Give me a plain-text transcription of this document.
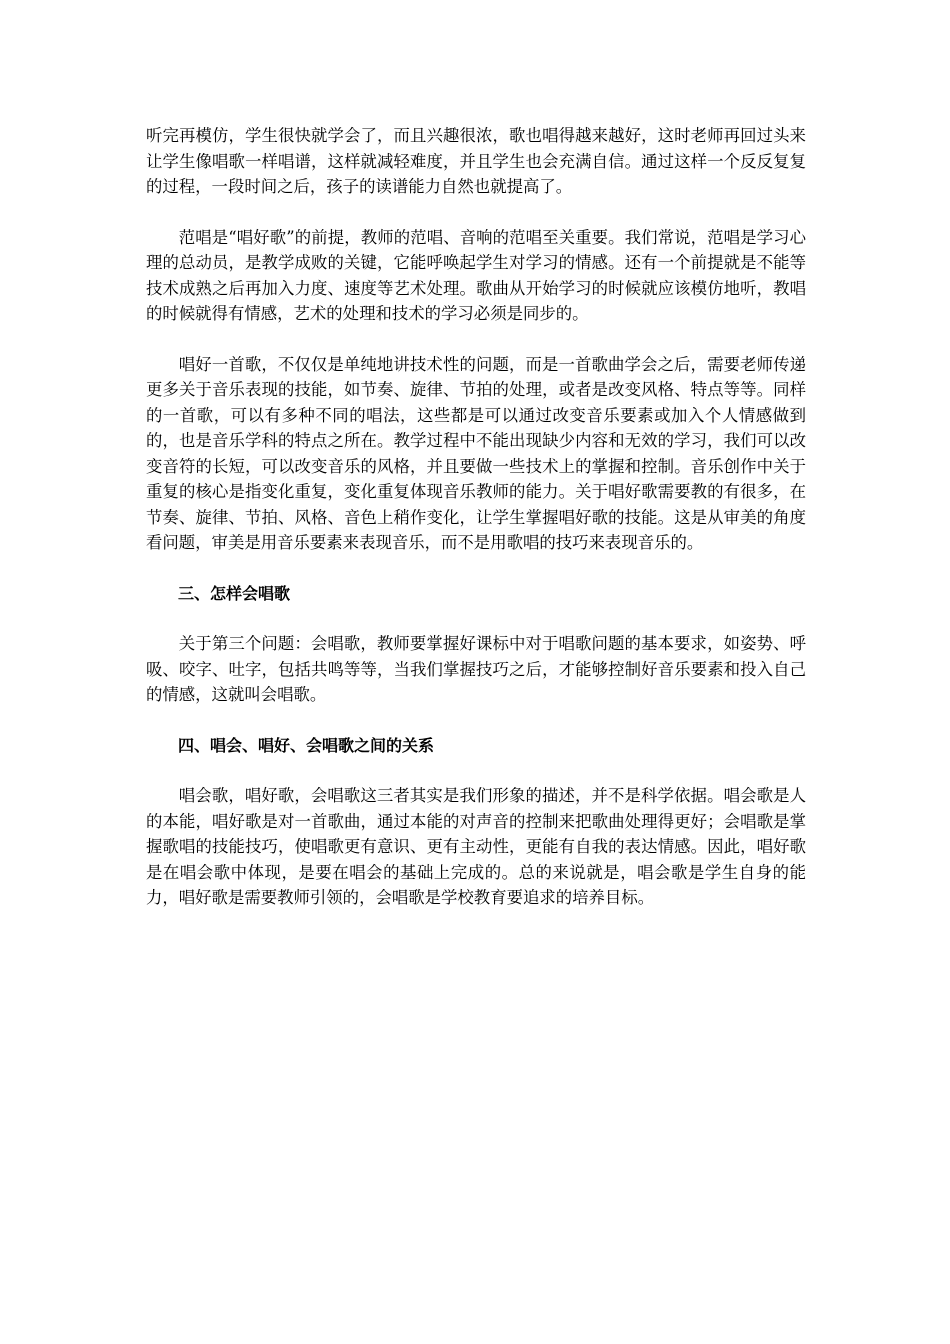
听完再模仿，学生很快就学会了，而且兴趣很浓，歌也唱得越来越好，这时老师再回过头来让学生像唱歌一样唱谱，这样就减轻难度，并且学生也会充满自信。通过这样一个反反复复的过程，一段时间之后，孩子的读谱能力自然也就提高了。

范唱是“唱好歌”的前提，教师的范唱、音响的范唱至关重要。我们常说，范唱是学习心理的总动员，是教学成败的关键，它能呼唤起学生对学习的情感。还有一个前提就是不能等技术成熟之后再加入力度、速度等艺术处理。歌曲从开始学习的时候就应该模仿地听，教唱的时候就得有情感，艺术的处理和技术的学习必须是同步的。

唱好一首歌，不仅仅是单纯地讲技术性的问题，而是一首歌曲学会之后，需要老师传递更多关于音乐表现的技能，如节奏、旋律、节拍的处理，或者是改变风格、特点等等。同样的一首歌，可以有多种不同的唱法，这些都是可以通过改变音乐要素或加入个人情感做到的，也是音乐学科的特点之所在。教学过程中不能出现缺少内容和无效的学习，我们可以改变音符的长短，可以改变音乐的风格，并且要做一些技术上的掌握和控制。音乐创作中关于重复的核心是指变化重复，变化重复体现音乐教师的能力。关于唱好歌需要教的有很多，在节奏、旋律、节拍、风格、音色上稍作变化，让学生掌握唱好歌的技能。这是从审美的角度看问题，审美是用音乐要素来表现音乐，而不是用歌唱的技巧来表现音乐的。

三、怎样会唱歌

关于第三个问题：会唱歌，教师要掌握好课标中对于唱歌问题的基本要求，如姿势、呼吸、咬字、吐字，包括共鸣等等，当我们掌握技巧之后，才能够控制好音乐要素和投入自己的情感，这就叫会唱歌。

四、唱会、唱好、会唱歌之间的关系

唱会歌，唱好歌，会唱歌这三者其实是我们形象的描述，并不是科学依据。唱会歌是人的本能，唱好歌是对一首歌曲，通过本能的对声音的控制来把歌曲处理得更好；会唱歌是掌握歌唱的技能技巧，使唱歌更有意识、更有主动性，更能有自我的表达情感。因此，唱好歌是在唱会歌中体现，是要在唱会的基础上完成的。总的来说就是，唱会歌是学生自身的能力，唱好歌是需要教师引领的，会唱歌是学校教育要追求的培养目标。
